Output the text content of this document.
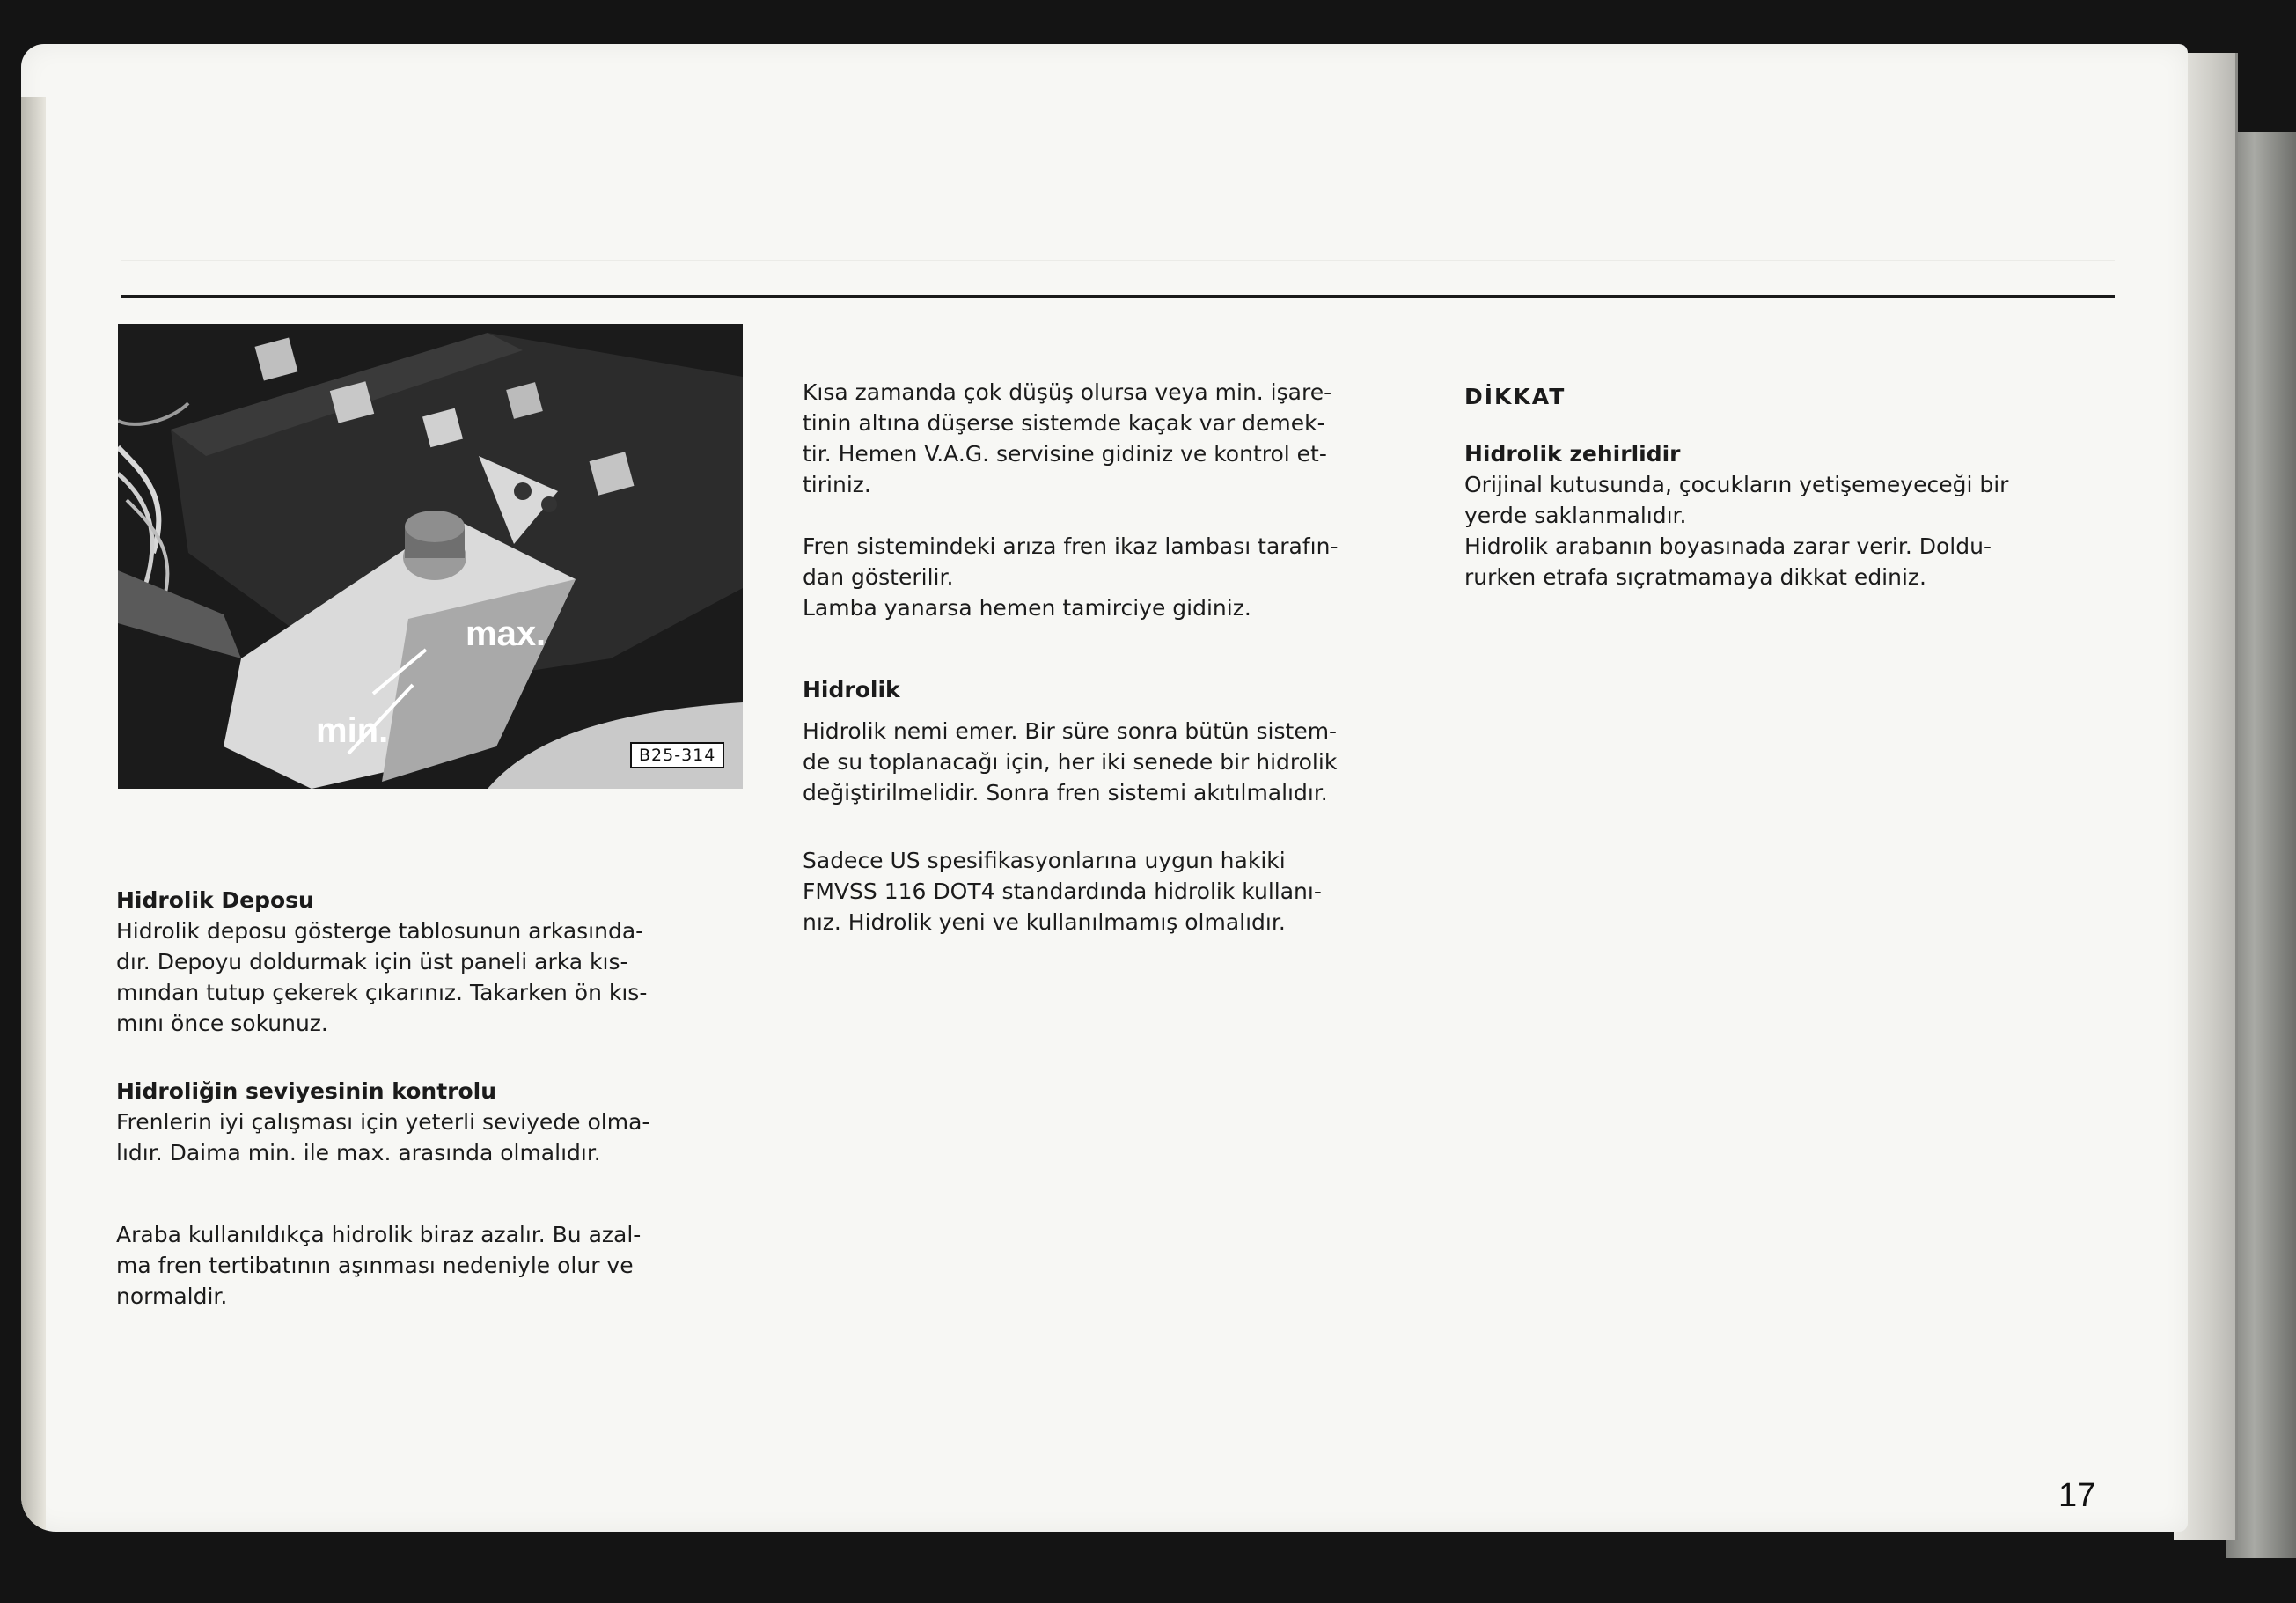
max.
min.
B25-314

Hidrolik Deposu

Hidrolik deposu gösterge tablosunun arkasında-
dır. Depoyu doldurmak için üst paneli arka kıs-
mından tutup çekerek çıkarınız. Takarken ön kıs-
mını önce sokunuz.

Hidroliğin seviyesinin kontrolu

Frenlerin iyi çalışması için yeterli seviyede olma-
lıdır. Daima min. ile max. arasında olmalıdır.

Araba kullanıldıkça hidrolik biraz azalır. Bu azal-
ma fren tertibatının aşınması nedeniyle olur ve
normaldir.

Kısa zamanda çok düşüş olursa veya min. işare-
tinin altına düşerse sistemde kaçak var demek-
tir. Hemen V.A.G. servisine gidiniz ve kontrol et-
tiriniz.

Fren sistemindeki arıza fren ikaz lambası tarafın-
dan gösterilir.
Lamba yanarsa hemen tamirciye gidiniz.

Hidrolik

Hidrolik nemi emer. Bir süre sonra bütün sistem-
de su toplanacağı için, her iki senede bir hidrolik
değiştirilmelidir. Sonra fren sistemi akıtılmalıdır.

Sadece US spesifikasyonlarına uygun hakiki
FMVSS 116 DOT4 standardında hidrolik kullanı-
nız. Hidrolik yeni ve kullanılmamış olmalıdır.

DİKKAT

Hidrolik zehirlidir

Orijinal kutusunda, çocukların yetişemeyeceği bir
yerde saklanmalıdır.
Hidrolik arabanın boyasınada zarar verir. Doldu-
rurken etrafa sıçratmamaya dikkat ediniz.

17
